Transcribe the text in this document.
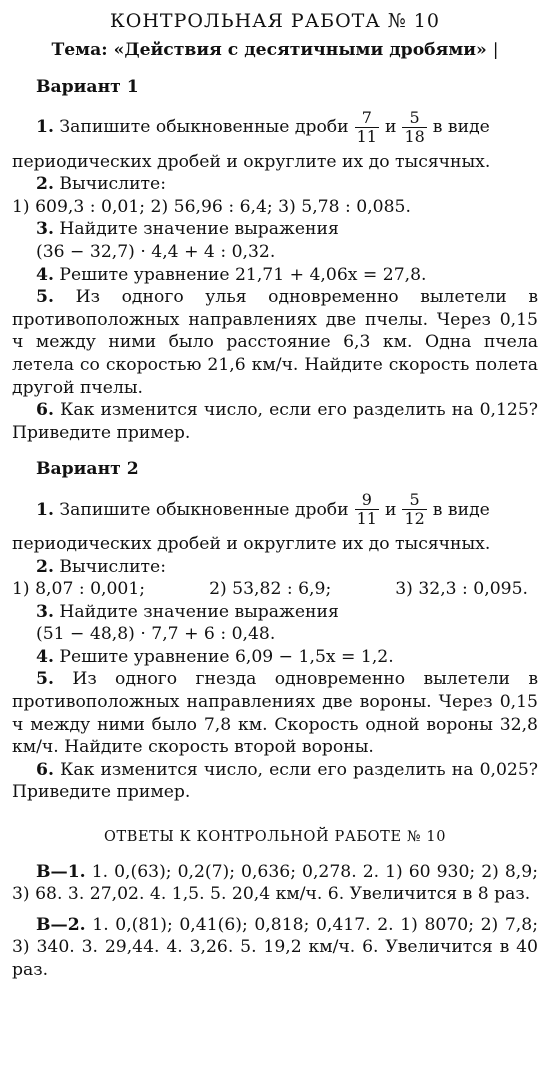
КОНТРОЛЬНАЯ РАБОТА № 10
Тема: «Действия с десятичными дробями» |
Вариант 1
1.
Запишите обыкновенные дроби $\frac{7}{11}$ и $\frac{5}{18}$ в виде

периодических дробей и округлите их до тысячных.

2. Вычислите:

1) 609,3 : 0,01; 2) 56,96 : 6,4; 3) 5,78 : 0,085.

3. Найдите значение выражения

(36 − 32,7) · 4,4 + 4 : 0,32.

4. Решите уравнение 21,71 + 4,06x = 27,8.

5. Из одного улья одновременно вылетели в противоположных направлениях две пчелы. Через 0,15 ч между ними было расстояние 6,3 км. Одна пчела летела со скоростью 21,6 км/ч. Найдите скорость полета другой пчелы.

6. Как изменится число, если его разделить на 0,125? Приведите пример.

Вариант 2
1.
Запишите обыкновенные дроби $\frac{9}{11}$ и $\frac{5}{12}$ в виде

периодических дробей и округлите их до тысячных.

2. Вычислите:

1) 8,07 : 0,001;	2) 53,82 : 6,9;	3) 32,3 : 0,095.

3. Найдите значение выражения

(51 − 48,8) · 7,7 + 6 : 0,48.

4. Решите уравнение 6,09 − 1,5x = 1,2.

5. Из одного гнезда одновременно вылетели в противоположных направлениях две вороны. Через 0,15 ч между ними было 7,8 км. Скорость одной вороны 32,8 км/ч. Найдите скорость второй вороны.

6. Как изменится число, если его разделить на 0,025? Приведите пример.

ОТВЕТЫ К КОНТРОЛЬНОЙ РАБОТЕ № 10

В—1. 1. 0,(63); 0,2(7); 0,636; 0,278. 2. 1) 60 930; 2) 8,9; 3) 68. 3. 27,02. 4. 1,5. 5. 20,4 км/ч. 6. Увеличится в 8 раз.

В—2. 1. 0,(81); 0,41(6); 0,818; 0,417. 2. 1) 8070; 2) 7,8; 3) 340. 3. 29,44. 4. 3,26. 5. 19,2 км/ч. 6. Увеличится в 40 раз.
